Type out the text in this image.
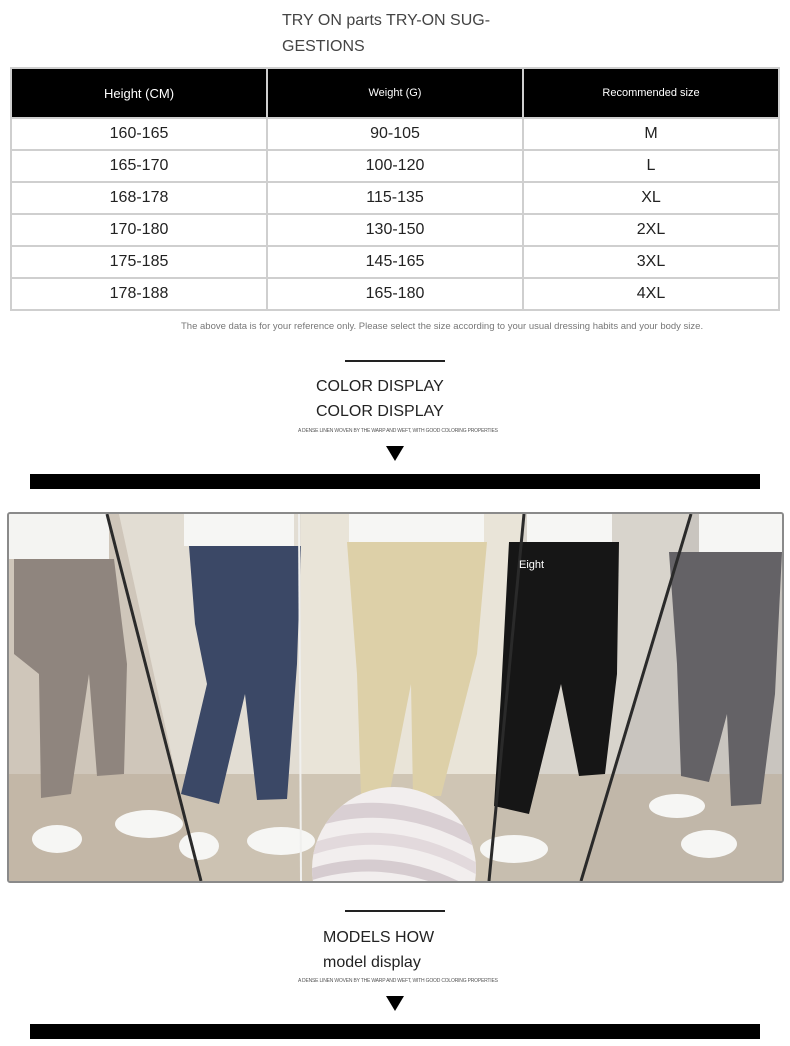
TRY ON parts TRY-ON SUG-
GESTIONS
Height (CM)	Weight (G)	Recommended size
160-165	90-105	M
165-170	100-120	L
168-178	115-135	XL
170-180	130-150	2XL
175-185	145-165	3XL
178-188	165-180	4XL
The above data is for your reference only. Please select the size according to your usual dressing habits and your body size.
COLOR DISPLAY
COLOR DISPLAY
A DENSE LINEN WOVEN BY THE WARP AND WEFT, WITH GOOD COLORING PROPERTIES
Eight
MODELS HOW
model display
A DENSE LINEN WOVEN BY THE WARP AND WEFT, WITH GOOD COLORING PROPERTIES
